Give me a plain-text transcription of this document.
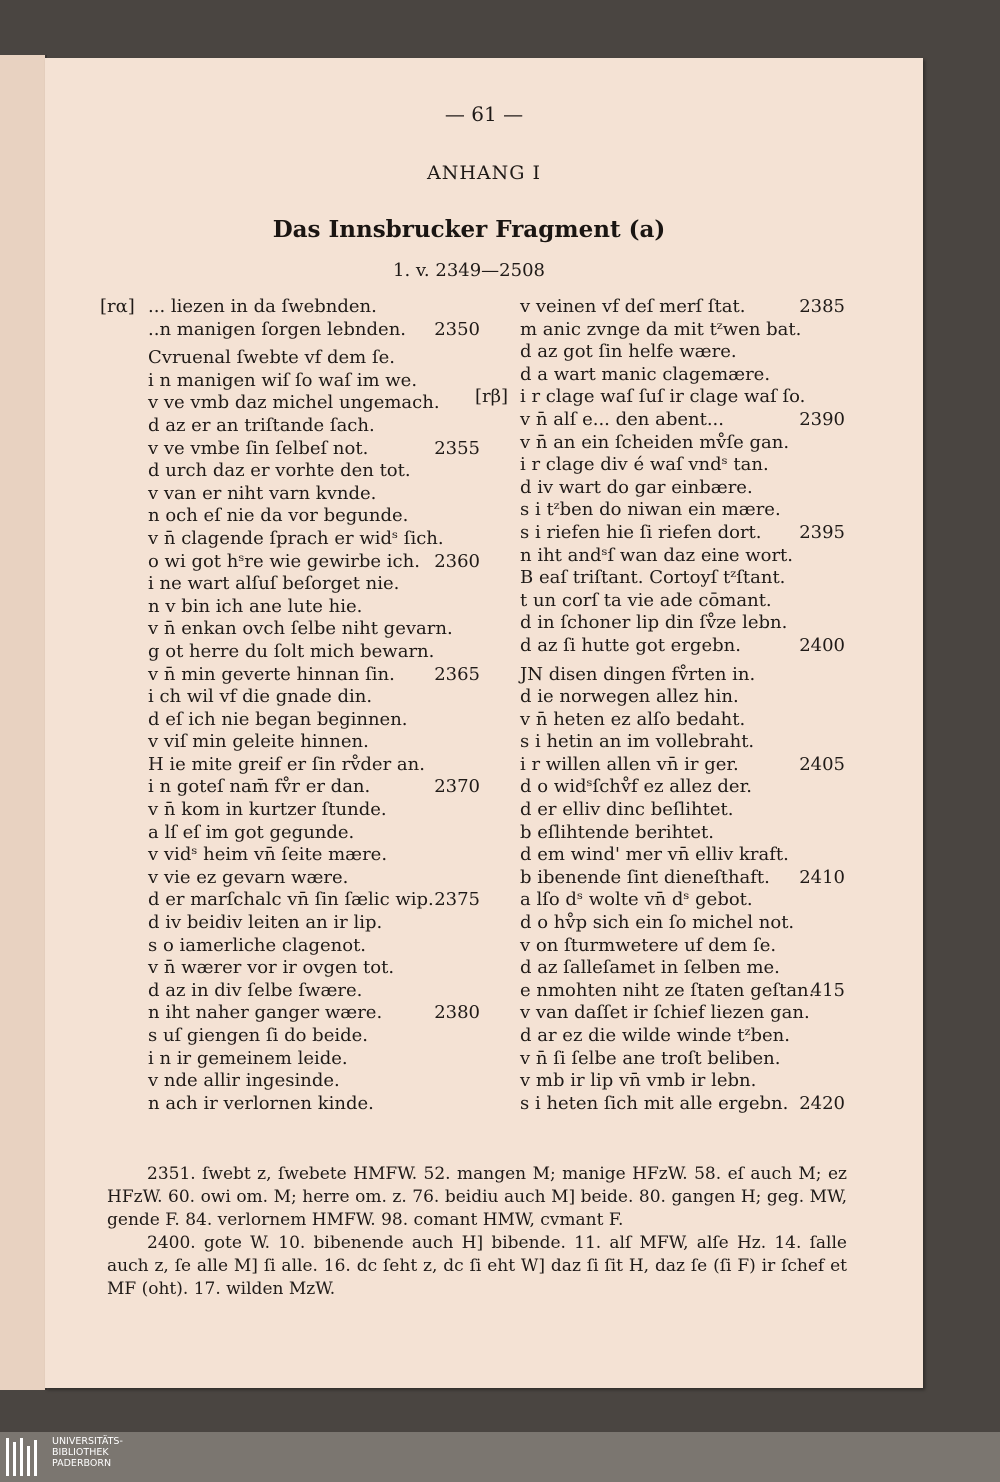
— 61 —
ANHANG I
Das Innsbrucker Fragment (a)
1. v. 2349—2508
[rα] ... liezen in da ſwebnden.
..n manigen ſorgen lebnden. 2350
Cvruenal ſwebte vf dem ſe.
i n manigen wiſ ſo waſ im we.
v ve vmb daz michel ungemach.
d az er an triſtande ſach.
v ve vmbe ſin ſelbeſ not.	2355
d urch daz er vorhte den tot.
v van er niht varn kvnde.
n och eſ nie da vor begunde.
v n̄ clagende ſprach er widˢ ſich.
o wi got hˢre wie gewirbe ich. 2360
i ne wart alſuſ beſorget nie.
n v bin ich ane lute hie.
v n̄ enkan ovch ſelbe niht gevarn.
g ot herre du ſolt mich bewarn.
v n̄ min geverte hinnan ſin. 2365
i ch wil vf die gnade din.
d eſ ich nie began beginnen.
v viſ min geleite hinnen.
H ie mite greif er ſin rv̊der an.
i n goteſ nam̄ fv̊r er dan.	2370
v n̄ kom in kurtzer ſtunde.
a lſ eſ im got gegunde.
v vidˢ heim vn̄ ſeite mære.
v vie ez gevarn wære.
d er marſchalc vn̄ ſin ſælic wip. 2375
d iv beidiv leiten an ir lip.
s o iamerliche clagenot.
v n̄ wærer vor ir ovgen tot.
d az in div ſelbe ſwære.
n iht naher ganger wære.	2380
s uſ giengen ſi do beide.
i n ir gemeinem leide.
v nde allir ingesinde.
n ach ir verlornen kinde.
v veinen vf deſ merſ ſtat.	2385
m anic zvnge da mit tᶻwen bat.
d az got ſin helfe wære.
d a wart manic clagemære.
[rβ] i r clage waſ ſuſ ir clage waſ ſo.
v n̄ alſ e... den abent...	2390
v n̄ an ein ſcheiden mv̊ſe gan.
i r clage div é waſ vndˢ tan.
d iv wart do gar einbære.
s i tᶻben do niwan ein mære.
s i riefen hie ſi riefen dort. 2395
n iht andˢſ wan daz eine wort.
B eaſ triſtant. Cortoyſ tᶻſtant.
t un corſ ta vie ade cōmant.
d in ſchoner lip din ſv̊ze lebn.
d az ſi hutte got ergebn.	2400
JN disen dingen fv̊rten in.
d ie norwegen allez hin.
v n̄ heten ez alſo bedaht.
s i hetin an im vollebraht.
i r willen allen vn̄ ir ger.	2405
d o widˢſchv̊f ez allez der.
d er elliv dinc beſlihtet.
b eſlihtende berihtet.
d em wind' mer vn̄ elliv kraft.
b ibenende ſint dieneſthaft. 2410
a lſo dˢ wolte vn̄ dˢ gebot.
d o hv̊p sich ein ſo michel not.
v on ſturmwetere uf dem ſe.
d az ſalleſamet in ſelben me.
e nmohten niht ze ſtaten geſtan.
415
v van daſſet ir ſchief liezen gan.
d ar ez die wilde winde tᶻben.
v n̄ ſi ſelbe ane troſt beliben.
v mb ir lip vn̄ vmb ir lebn.
s i heten ſich mit alle ergebn. 2420

2351. ſwebt z, ſwebete HMFW. 52. mangen M; manige HFzW. 58. eſ auch M; ez HFzW. 60. owi om. M; herre om. z. 76. beidiu auch M] beide. 80. gangen H; geg. MW, gende F. 84. verlornem HMFW. 98. comant HMW, cvmant F.

2400. gote W. 10. bibenende auch H] bibende. 11. alſ MFW, alſe Hz. 14. ſalle auch z, ſe alle M] ſi alle. 16. dc ſeht z, dc ſi eht W] daz ſi ſit H, daz ſe (ſi F) ir ſchef et MF (oht). 17. wilden MzW.

UNIVERSITÄTS-
BIBLIOTHEK
PADERBORN
